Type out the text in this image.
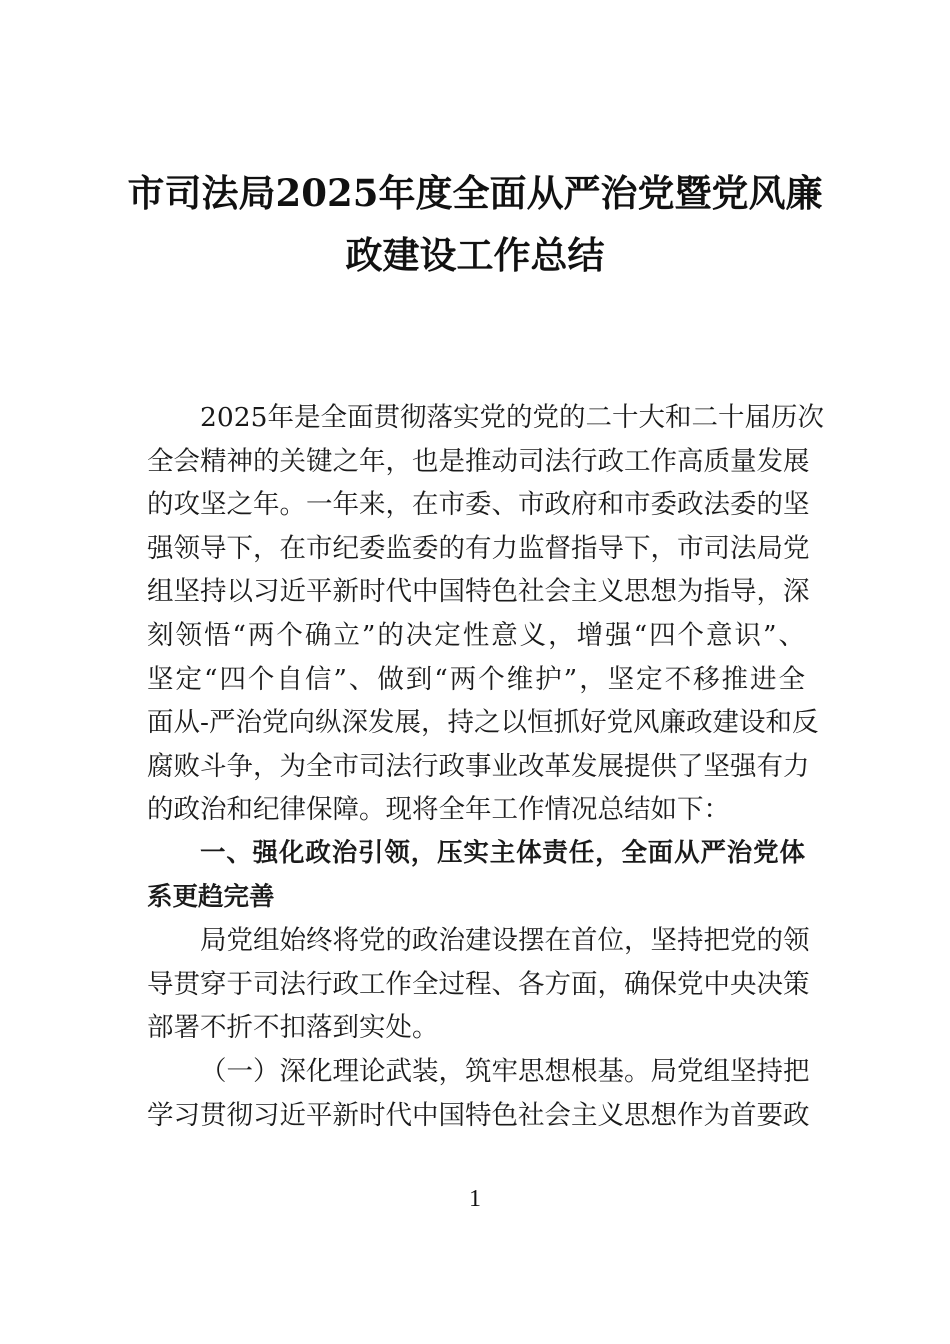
市司法局2025年度全面从严治党暨党风廉
政建设工作总结
2025年是全面贯彻落实党的党的二十大和二十届历次
全会精神的关键之年，也是推动司法行政工作高质量发展
的攻坚之年。一年来，在市委、市政府和市委政法委的坚
强领导下，在市纪委监委的有力监督指导下，市司法局党
组坚持以习近平新时代中国特色社会主义思想为指导，深
刻领悟“两个确立”的决定性意义，增强“四个意识”、
坚定“四个自信”、做到“两个维护”，坚定不移推进全
面从-严治党向纵深发展，持之以恒抓好党风廉政建设和反
腐败斗争，为全市司法行政事业改革发展提供了坚强有力
的政治和纪律保障。现将全年工作情况总结如下：
一、强化政治引领，压实主体责任，全面从严治党体
系更趋完善
局党组始终将党的政治建设摆在首位，坚持把党的领
导贯穿于司法行政工作全过程、各方面，确保党中央决策
部署不折不扣落到实处。
（一）深化理论武装，筑牢思想根基。局党组坚持把
学习贯彻习近平新时代中国特色社会主义思想作为首要政
1
